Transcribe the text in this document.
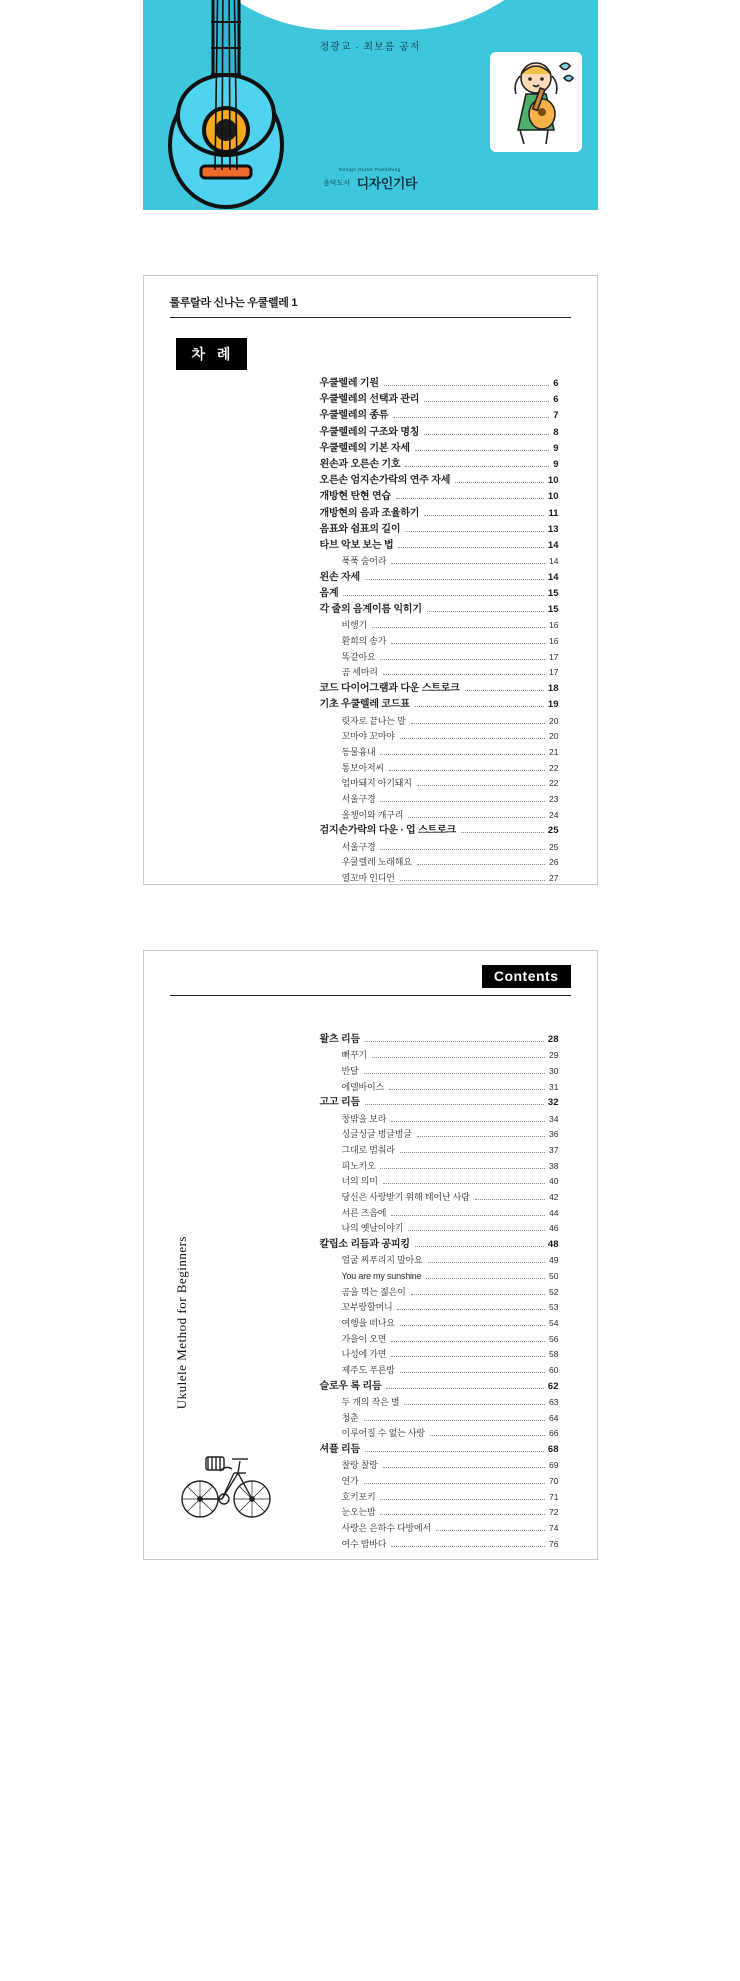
정광교 · 최보름 공저
Design Guitar Publishing
음악도서 디자인기타
룰루랄라 신나는 우쿨렐레 1
차 례
우쿨렐레 기원	6
우쿨렐레의 선택과 관리	6
우쿨렐레의 종류	7
우쿨렐레의 구조와 명칭	8
우쿨렐레의 기본 자세	9
왼손과 오른손 기호	9
오른손 엄지손가락의 연주 자세	10
개방현 탄현 연습	10
개방현의 음과 조율하기	11
음표와 쉼표의 길이	13
타브 악보 보는 법	14
푹푹 숨어라	14
왼손 자세	14
음계	15
각 줄의 음계이름 익히기	15
비행기	16
환희의 송가	16
똑같아요	17
곰 세마리	17
코드 다이어그램과 다운 스트로크	18
기초 우쿨렐레 코드표	19
릿자로 끝나는 말	20
꼬마야 꼬마야	20
동물흉내	21
통보아저씨	22
엄마돼지 아기돼지	22
서울구경	23
올챙이와 개구리	24
검지손가락의 다운 · 업 스트로크	25
서울구경	25
우쿨렐레 노래해요	26
열꼬마 인디언	27
Contents
왈츠 리듬	28
뻐꾸기	29
반달	30
에델바이스	31
고고 리듬	32
창밖을 보라	34
싱글싱글 벙글벙글	36
그대로 멈춰라	37
피노키오	38
너의 의미	40
당신은 사랑받기 위해 태어난 사람	42
서른 즈음에	44
나의 옛날이야기	46
칼립소 리듬과 공피킹	48
얼굴 찌푸리지 말아요	49
You are my sunshine	50
곰을 먹는 젊은이	52
꼬부랑할머니	53
여행을 떠나요	54
가을이 오면	56
나성에 가면	58
제주도 푸른밤	60
슬로우 록 리듬	62
두 개의 작은 별	63
청춘	64
이루어질 수 없는 사랑	66
셔플 리듬	68
찰랑 찰랑	69
연가	70
호키포키	71
눈오는밤	72
사랑은 은하수 다방에서	74
여수 밤바다	76
Ukulele Method for Beginners
